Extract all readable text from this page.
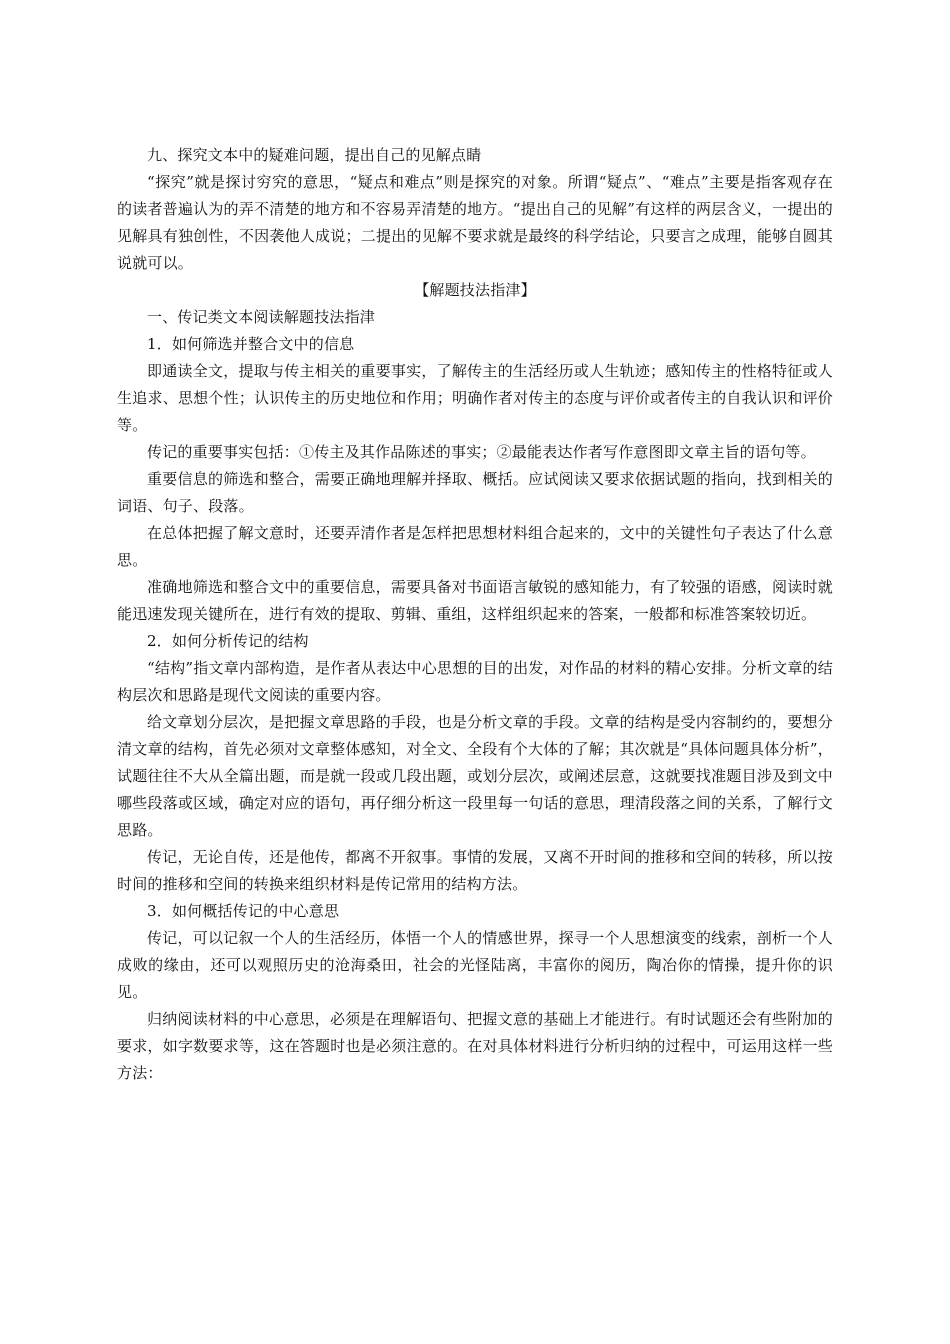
九、探究文本中的疑难问题，提出自己的见解点睛

“探究”就是探讨穷究的意思，“疑点和难点”则是探究的对象。所谓“疑点”、“难点”主要是指客观存在的读者普遍认为的弄不清楚的地方和不容易弄清楚的地方。“提出自己的见解”有这样的两层含义，一提出的见解具有独创性，不因袭他人成说；二提出的见解不要求就是最终的科学结论，只要言之成理，能够自圆其说就可以。

【解题技法指津】

一、传记类文本阅读解题技法指津

1．如何筛选并整合文中的信息

即通读全文，提取与传主相关的重要事实，了解传主的生活经历或人生轨迹；感知传主的性格特征或人生追求、思想个性；认识传主的历史地位和作用；明确作者对传主的态度与评价或者传主的自我认识和评价等。

传记的重要事实包括：①传主及其作品陈述的事实；②最能表达作者写作意图即文章主旨的语句等。

重要信息的筛选和整合，需要正确地理解并择取、概括。应试阅读又要求依据试题的指向，找到相关的词语、句子、段落。

在总体把握了解文意时，还要弄清作者是怎样把思想材料组合起来的，文中的关键性句子表达了什么意思。

准确地筛选和整合文中的重要信息，需要具备对书面语言敏锐的感知能力，有了较强的语感，阅读时就能迅速发现关键所在，进行有效的提取、剪辑、重组，这样组织起来的答案，一般都和标准答案较切近。

2．如何分析传记的结构

“结构”指文章内部构造，是作者从表达中心思想的目的出发，对作品的材料的精心安排。分析文章的结构层次和思路是现代文阅读的重要内容。

给文章划分层次，是把握文章思路的手段，也是分析文章的手段。文章的结构是受内容制约的，要想分清文章的结构，首先必须对文章整体感知，对全文、全段有个大体的了解；其次就是“具体问题具体分析”，试题往往不大从全篇出题，而是就一段或几段出题，或划分层次，或阐述层意，这就要找准题目涉及到文中哪些段落或区域，确定对应的语句，再仔细分析这一段里每一句话的意思，理清段落之间的关系，了解行文思路。

传记，无论自传，还是他传，都离不开叙事。事情的发展，又离不开时间的推移和空间的转移，所以按时间的推移和空间的转换来组织材料是传记常用的结构方法。

3．如何概括传记的中心意思

传记，可以记叙一个人的生活经历，体悟一个人的情感世界，探寻一个人思想演变的线索，剖析一个人成败的缘由，还可以观照历史的沧海桑田，社会的光怪陆离，丰富你的阅历，陶冶你的情操，提升你的识见。

归纳阅读材料的中心意思，必须是在理解语句、把握文意的基础上才能进行。有时试题还会有些附加的要求，如字数要求等，这在答题时也是必须注意的。在对具体材料进行分析归纳的过程中，可运用这样一些方法：
